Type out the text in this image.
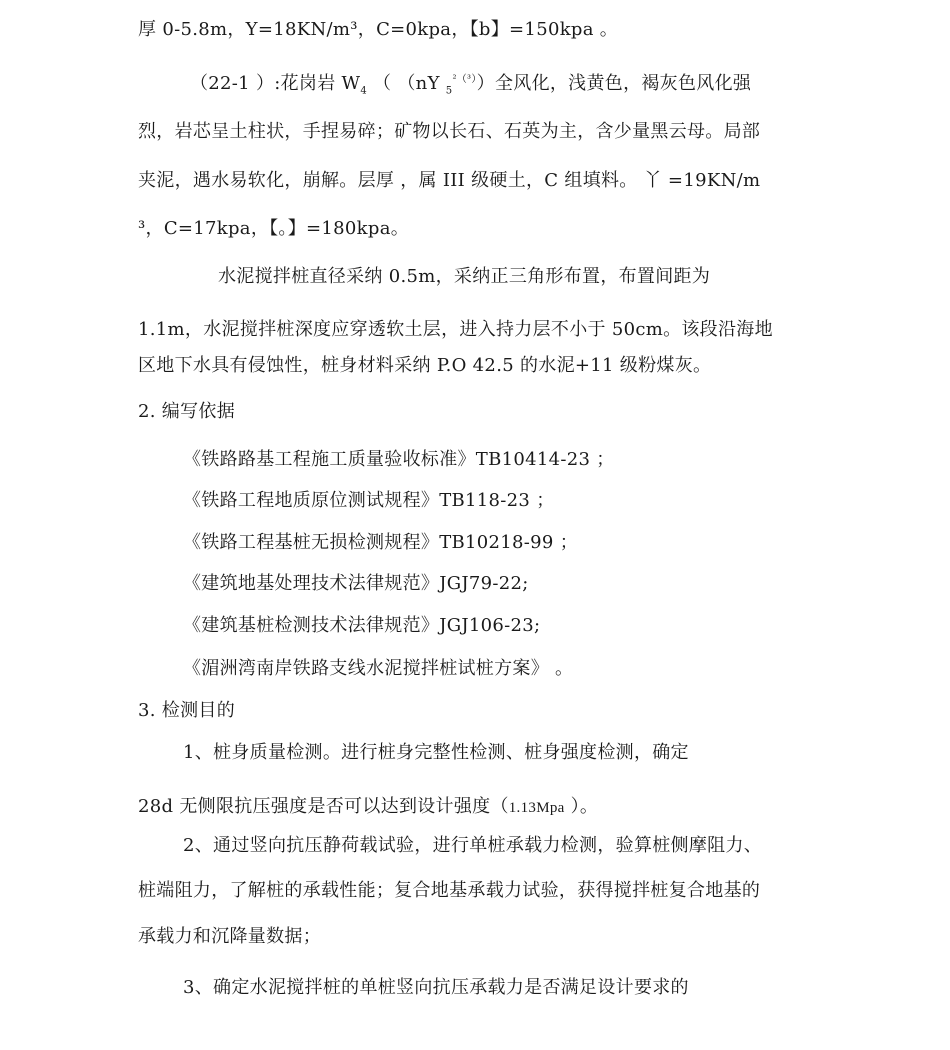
厚 0-5.8m，Y=18KN/m³，C=0kpa，【b】=150kpa 。
（22-1 ）:花岗岩 $W_4$ （ （nY $_5^{^2(^3)}$）全风化，浅黄色，褐灰色风化强
烈，岩芯呈土柱状，手捏易碎；矿物以长石、石英为主，含少量黑云母。局部
夹泥，遇水易软化，崩解。层厚 ，属 III 级硬土，C 组填料。 丫 =19KN/m
³，C=17kpa，【。】=180kpa。
水泥搅拌桩直径采纳 0.5m，采纳正三角形布置，布置间距为
1.1m，水泥搅拌桩深度应穿透软土层，进入持力层不小于 50cm。该段沿海地
区地下水具有侵蚀性，桩身材料采纳 P.O 42.5 的水泥+11 级粉煤灰。
2. 编写依据
《铁路路基工程施工质量验收标准》TB10414-23 ；
《铁路工程地质原位测试规程》TB118-23 ；
《铁路工程基桩无损检测规程》TB10218-99 ；
《建筑地基处理技术法律规范》JGJ79-22;
《建筑基桩检测技术法律规范》JGJ106-23;
《湄洲湾南岸铁路支线水泥搅拌桩试桩方案》 。
3. 检测目的
1、桩身质量检测。进行桩身完整性检测、桩身强度检测，确定
28d 无侧限抗压强度是否可以达到设计强度（1.13Mpa ）。
2、通过竖向抗压静荷载试验，进行单桩承载力检测，验算桩侧摩阻力、
桩端阻力，了解桩的承载性能；复合地基承载力试验，获得搅拌桩复合地基的
承载力和沉降量数据；
3、确定水泥搅拌桩的单桩竖向抗压承载力是否满足设计要求的
